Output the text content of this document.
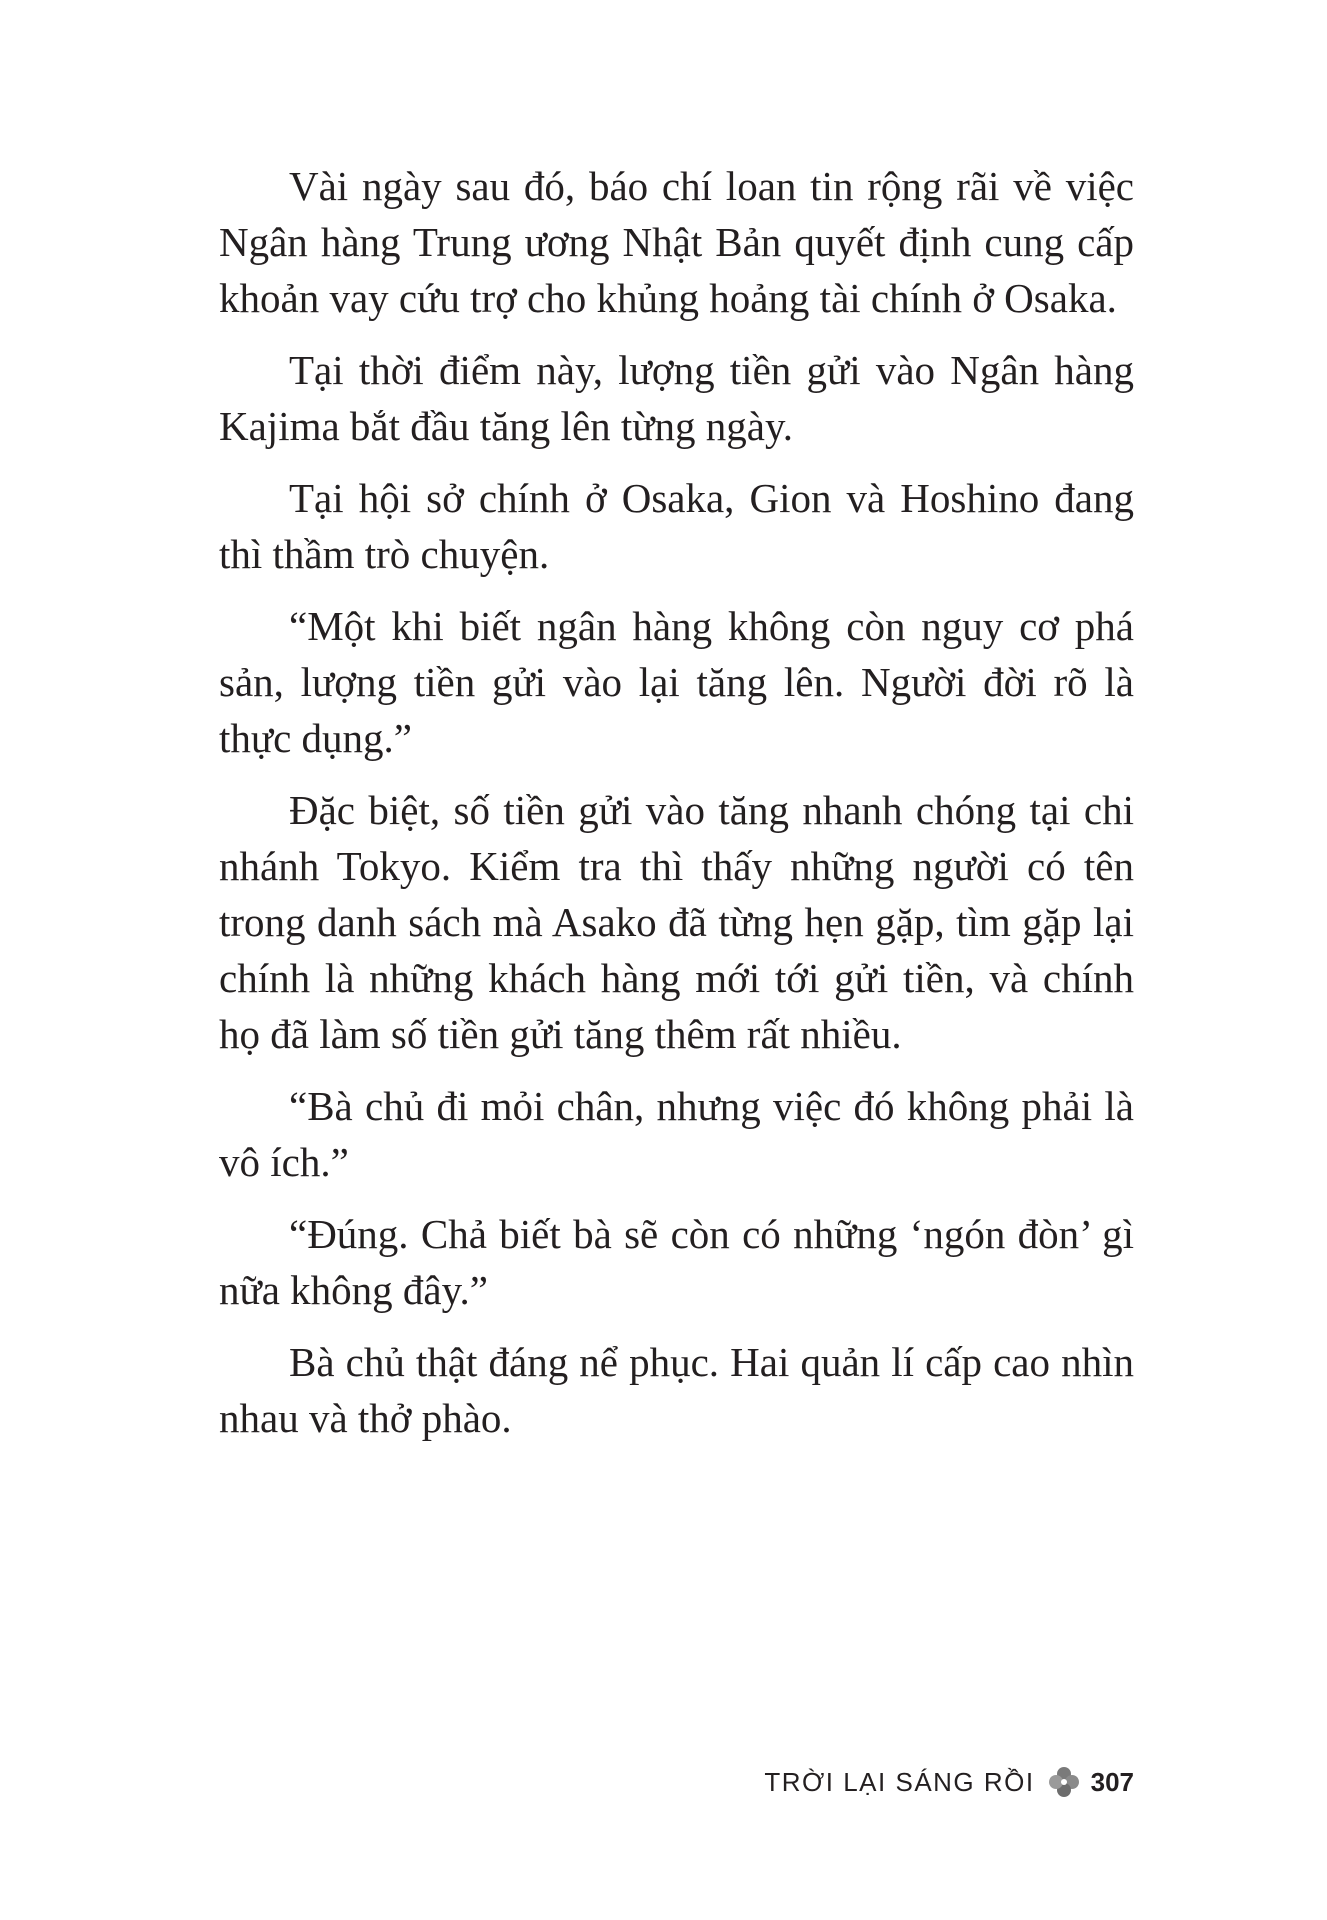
Vài ngày sau đó, báo chí loan tin rộng rãi về việc Ngân hàng Trung ương Nhật Bản quyết định cung cấp khoản vay cứu trợ cho khủng hoảng tài chính ở Osaka.

Tại thời điểm này, lượng tiền gửi vào Ngân hàng Kajima bắt đầu tăng lên từng ngày.

Tại hội sở chính ở Osaka, Gion và Hoshino đang thì thầm trò chuyện.

“Một khi biết ngân hàng không còn nguy cơ phá sản, lượng tiền gửi vào lại tăng lên. Người đời rõ là thực dụng.”

Đặc biệt, số tiền gửi vào tăng nhanh chóng tại chi nhánh Tokyo. Kiểm tra thì thấy những người có tên trong danh sách mà Asako đã từng hẹn gặp, tìm gặp lại chính là những khách hàng mới tới gửi tiền, và chính họ đã làm số tiền gửi tăng thêm rất nhiều.

“Bà chủ đi mỏi chân, nhưng việc đó không phải là vô ích.”

“Đúng. Chả biết bà sẽ còn có những ‘ngón đòn’ gì nữa không đây.”

Bà chủ thật đáng nể phục. Hai quản lí cấp cao nhìn nhau và thở phào.

TRỜI LẠI SÁNG RỒI 307
